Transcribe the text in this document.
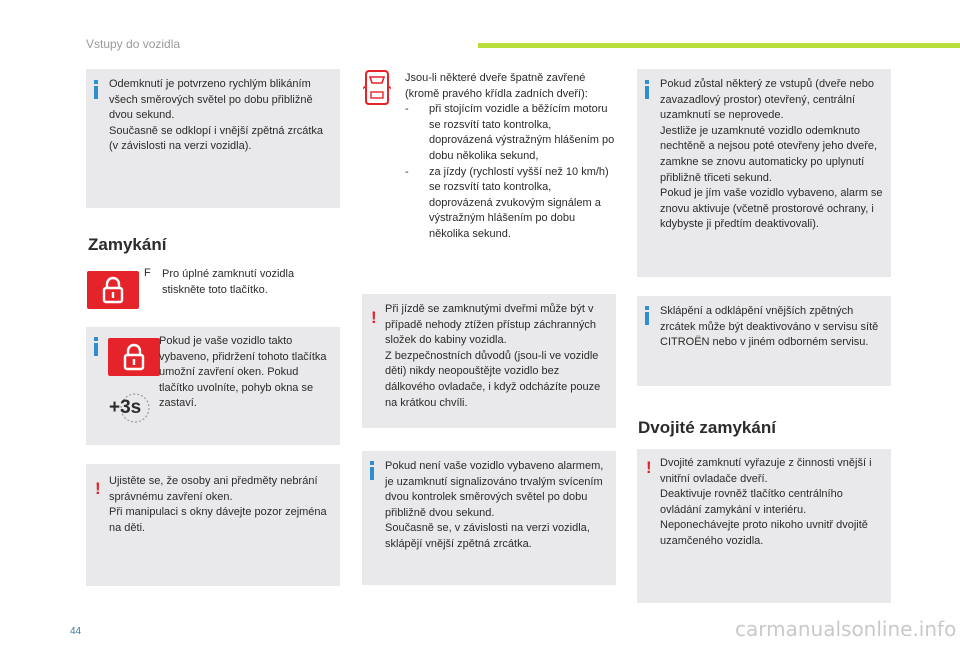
Vstupy do vozidla

Odemknutí je potvrzeno rychlým blikáním všech směrových světel po dobu přibližně dvou sekund.
Současně se odklopí i vnější zpětná zrcátka (v závislosti na verzi vozidla).

Zamykání
F Pro úplné zamknutí vozidla stiskněte toto tlačítko.

+3s

Pokud je vaše vozidlo takto vybaveno, přidržení tohoto tlačítka umožní zavření oken. Pokud tlačítko uvolníte, pohyb okna se zastaví.

! Ujistěte se, že osoby ani předměty nebrání správnému zavření oken.
Při manipulaci s okny dávejte pozor zejména na děti.

Jsou-li některé dveře špatně zavřené (kromě pravého křídla zadních dveří):

- při stojícím vozidle a běžícím motoru se rozsvítí tato kontrolka, doprovázená výstražným hlášením po dobu několika sekund,
- za jízdy (rychlostí vyšší než 10 km/h) se rozsvítí tato kontrolka, doprovázená zvukovým signálem a výstražným hlášením po dobu několika sekund.
! Při jízdě se zamknutými dveřmi může být v případě nehody ztížen přístup záchranných složek do kabiny vozidla.
Z bezpečnostních důvodů (jsou-li ve vozidle děti) nikdy neopouštějte vozidlo bez dálkového ovladače, i když odcházíte pouze na krátkou chvíli.

Pokud není vaše vozidlo vybaveno alarmem, je uzamknutí signalizováno trvalým svícením dvou kontrolek směrových světel po dobu přibližně dvou sekund.
Současně se, v závislosti na verzi vozidla, sklápějí vnější zpětná zrcátka.

Pokud zůstal některý ze vstupů (dveře nebo zavazadlový prostor) otevřený, centrální uzamknutí se neprovede.
Jestliže je uzamknuté vozidlo odemknuto nechtěně a nejsou poté otevřeny jeho dveře, zamkne se znovu automaticky po uplynutí přibližně třiceti sekund.
Pokud je jím vaše vozidlo vybaveno, alarm se znovu aktivuje (včetně prostorové ochrany, i kdybyste ji předtím deaktivovali).

Sklápění a odklápění vnějších zpětných zrcátek může být deaktivováno v servisu sítě CITROËN nebo v jiném odborném servisu.

Dvojité zamykání
! Dvojité zamknutí vyřazuje z činnosti vnější i vnitřní ovladače dveří.
Deaktivuje rovněž tlačítko centrálního ovládání zamykání v interiéru.
Neponechávejte proto nikoho uvnitř dvojitě uzamčeného vozidla.

44	carmanualsonline.info
